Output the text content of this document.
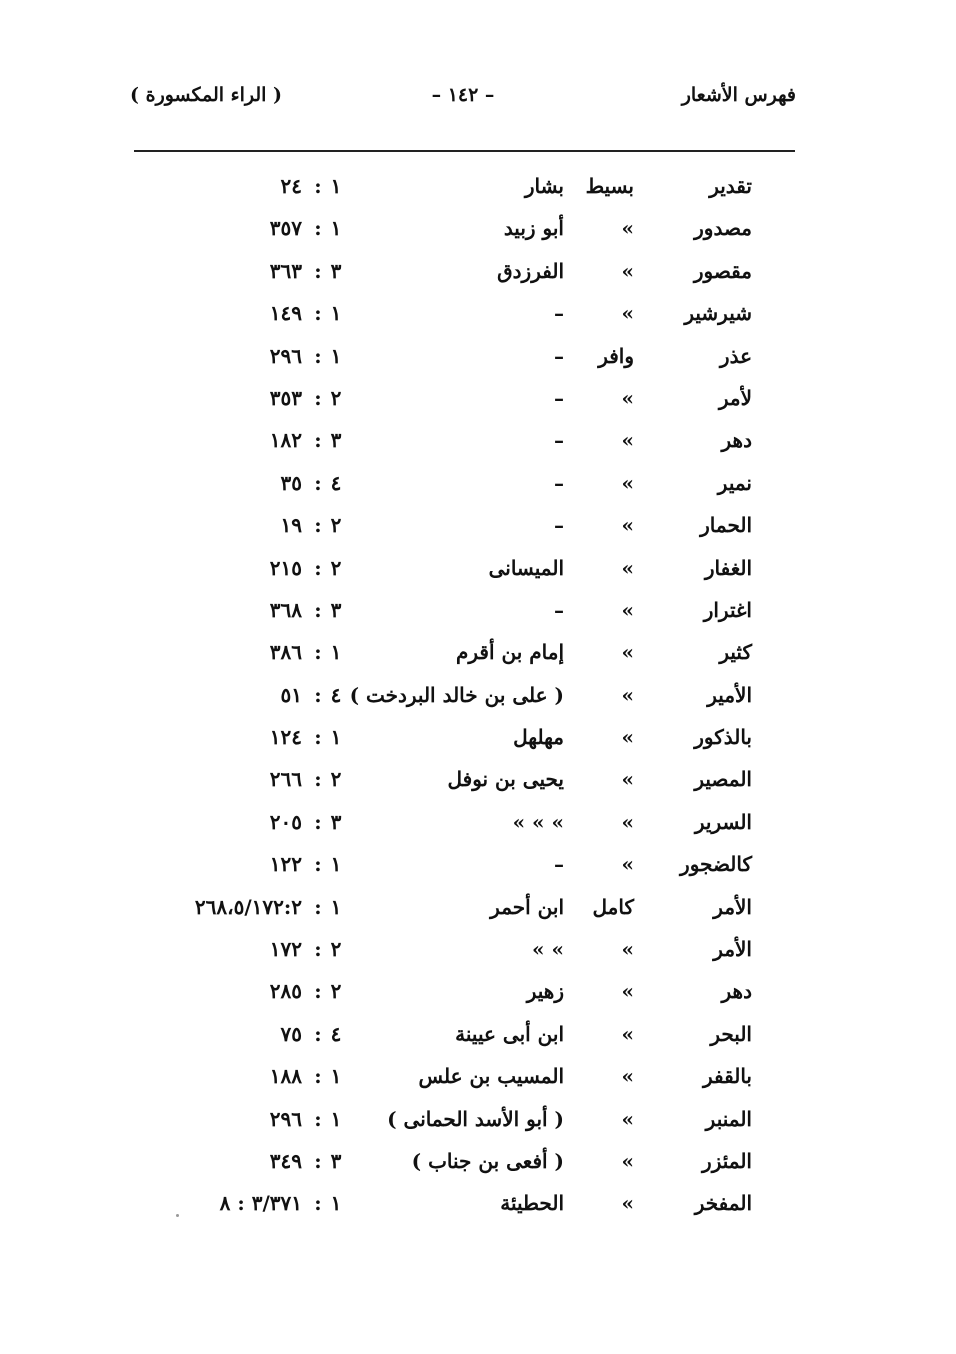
فهرس الأشعار
– ١٤٢ –
( الراء المكسورة )
تقدير
بسيط
بشار
١
:
٢٤
مصدور
»
أبو زبيد
١
:
٣٥٧
مقصور
»
الفرزدق
٣
:
٣٦٣
شيرشير
»
–
١
:
١٤٩
عذر
وافر
–
١
:
٢٩٦
لأمر
»
–
٢
:
٣٥٣
دهر
»
–
٣
:
١٨٢
نمير
»
–
٤
:
٣٥
الحمار
»
–
٢
:
١٩
الغفار
»
الميسانى
٢
:
٢١٥
اغترار
»
–
٣
:
٣٦٨
كثير
»
إمام بن أقرم
١
:
٣٨٦
الأمير
»
( على بن خالد البردخت )
٤
:
٥١
بالذكور
»
مهلهل
١
:
١٢٤
المصير
»
يحيى بن نوفل
٢
:
٢٦٦
السرير
»
» » »
٣
:
٢٠٥
كالضجور
»
–
١
:
١٢٢
الأمر
كامل
ابن أحمر
١
:
٢٦٨،٥/١٧٢:٢
الأمر
»
» »
٢
:
١٧٢
دهر
»
زهير
٢
:
٢٨٥
البحر
»
ابن أبى عيينة
٤
:
٧٥
بالقفر
»
المسيب بن علس
١
:
١٨٨
المنبر
»
( أبو الأسد الحمانى )
١
:
٢٩٦
المئزر
»
( أفعى بن جناب )
٣
:
٣٤٩
المفخر
»
الحطيئة
١
:
٣/٣٧١ : ٨
